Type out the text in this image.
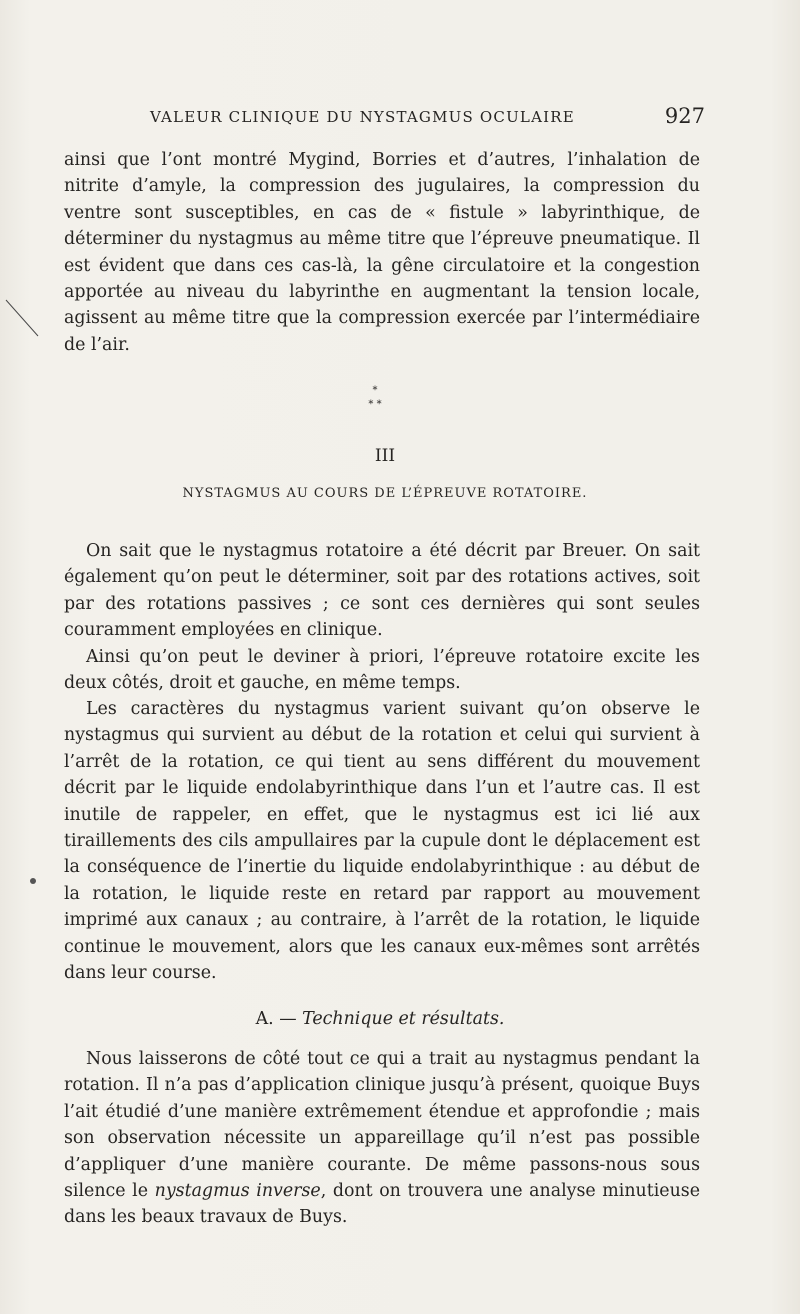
VALEUR CLINIQUE DU NYSTAGMUS OCULAIRE	927

ainsi que l’ont montré Mygind, Borries et d’autres, l’inhalation de nitrite d’amyle, la compression des jugulaires, la compression du ventre sont susceptibles, en cas de « fistule » labyrinthique, de déterminer du nystagmus au même titre que l’épreuve pneumatique. Il est évident que dans ces cas-là, la gêne circulatoire et la congestion apportée au niveau du labyrinthe en augmentant la tension locale, agissent au même titre que la compression exercée par l’intermédiaire de l’air.

*
* *
III
NYSTAGMUS AU COURS DE L’ÉPREUVE ROTATOIRE.

On sait que le nystagmus rotatoire a été décrit par Breuer. On sait également qu’on peut le déterminer, soit par des rotations actives, soit par des rotations passives ; ce sont ces dernières qui sont seules couramment employées en clinique.

Ainsi qu’on peut le deviner à priori, l’épreuve rotatoire excite les deux côtés, droit et gauche, en même temps.

Les caractères du nystagmus varient suivant qu’on observe le nystagmus qui survient au début de la rotation et celui qui survient à l’arrêt de la rotation, ce qui tient au sens différent du mouvement décrit par le liquide endolabyrinthique dans l’un et l’autre cas. Il est inutile de rappeler, en effet, que le nystagmus est ici lié aux tiraillements des cils ampullaires par la cupule dont le déplacement est la conséquence de l’inertie du liquide endolabyrinthique : au début de la rotation, le liquide reste en retard par rapport au mouvement imprimé aux canaux ; au contraire, à l’arrêt de la rotation, le liquide continue le mouvement, alors que les canaux eux-mêmes sont arrêtés dans leur course.

A. — Technique et résultats.

Nous laisserons de côté tout ce qui a trait au nystagmus pendant la rotation. Il n’a pas d’application clinique jusqu’à présent, quoique Buys l’ait étudié d’une manière extrêmement étendue et approfondie ; mais son observation nécessite un appareillage qu’il n’est pas possible d’appliquer d’une manière courante. De même passons-nous sous silence le nystagmus inverse, dont on trouvera une analyse minutieuse dans les beaux travaux de Buys.
